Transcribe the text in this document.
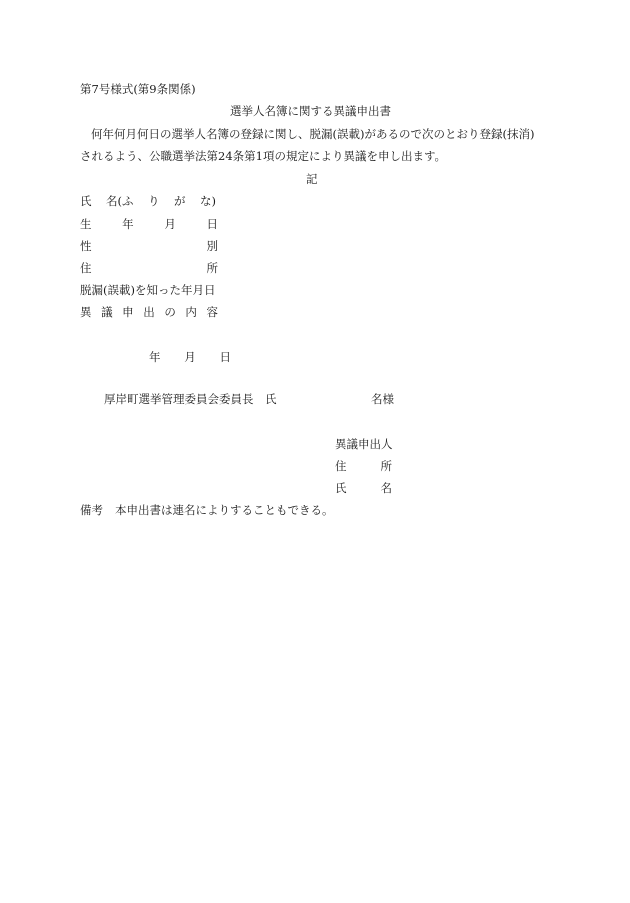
第7号様式(第9条関係)
選挙人名簿に関する異議申出書
何年何月何日の選挙人名簿の登録に関し、脱漏(誤載)があるので次のとおり登録(抹消)
されるよう、公職選挙法第24条第1項の規定により異議を申し出ます。
記
氏 名(ふ り が な)
生	年	月	日
性	別
住	所
脱漏(誤載)を知った年月日
異 議 申 出 の 内 容
年 月 日
厚岸町選挙管理委員会委員長　氏	名様
異議申出人
住	所
氏	名
備考 本申出書は連名によりすることもできる。
